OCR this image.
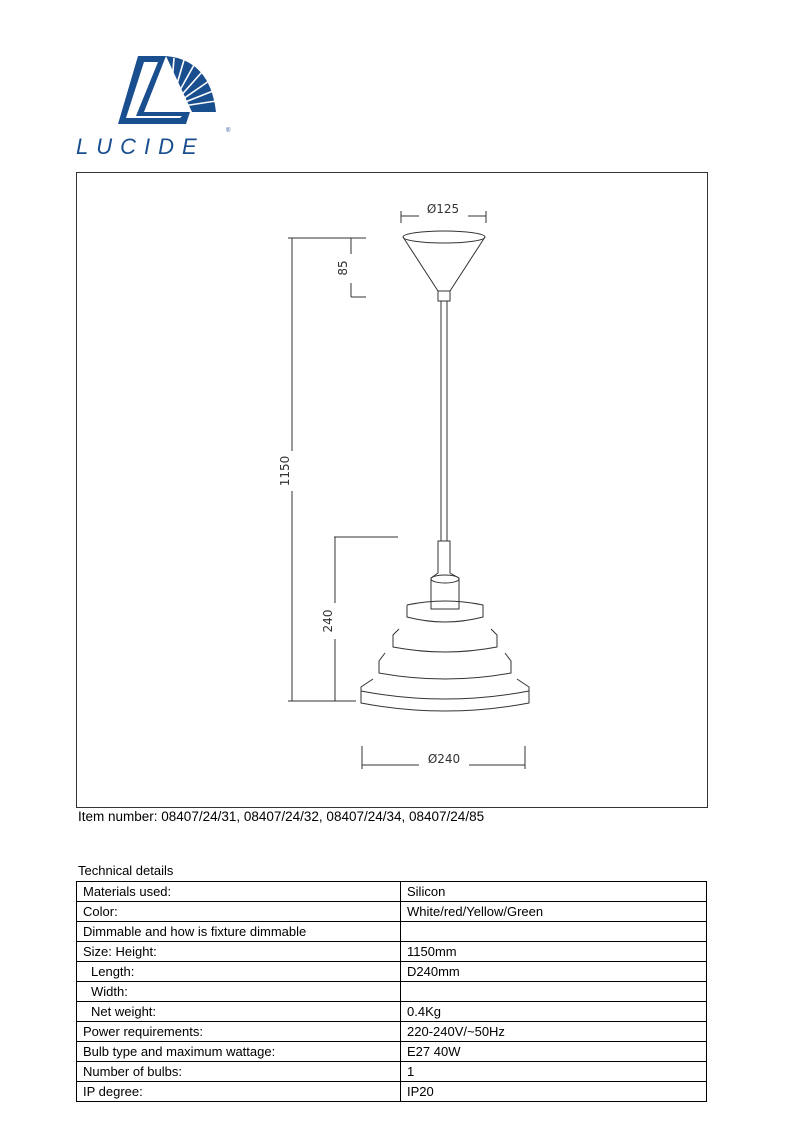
LUCIDE
®
Ø125
Ø240
1150
85
240
Item number: 08407/24/31, 08407/24/32, 08407/24/34, 08407/24/85
Technical details
Materials used:	Silicon
Color:	White/red/Yellow/Green
Dimmable and how is fixture dimmable	
Size: Height:	1150mm
Length:	D240mm
Width:	
Net weight:	0.4Kg
Power requirements:	220-240V/~50Hz
Bulb type and maximum wattage:	E27 40W
Number of bulbs:	1
IP degree:	IP20
